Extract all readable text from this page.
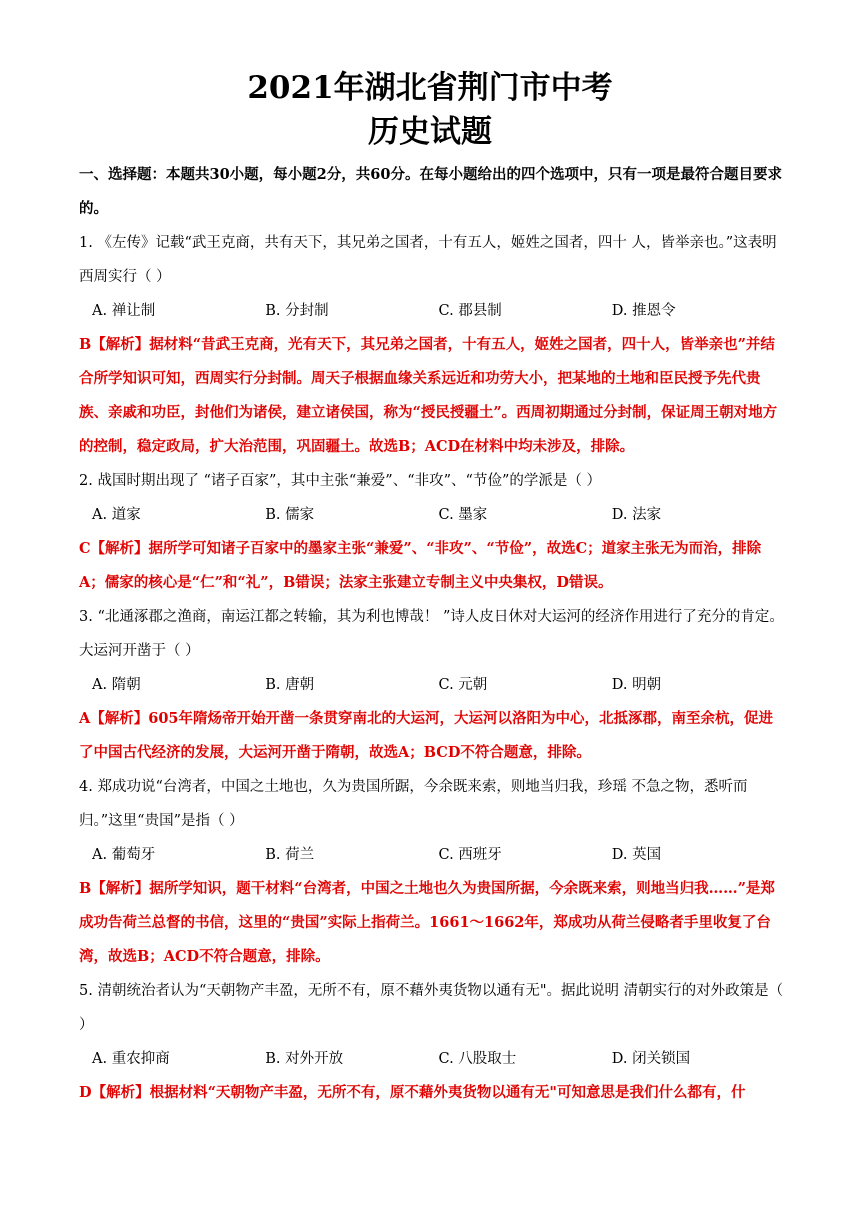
2021年湖北省荆门市中考
历史试题

一、选择题：本题共30小题，每小题2分，共60分。在每小题给出的四个选项中，只有一项是最符合题目要求的。

1. 《左传》记载“武王克商，共有天下，其兄弟之国者，十有五人，姬姓之国者，四十 人，皆举亲也。”这表明西周实行（ ）

A. 禅让制	B. 分封制	C. 郡县制	D. 推恩令

B【解析】据材料“昔武王克商，光有天下，其兄弟之国者，十有五人，姬姓之国者，四十人，皆举亲也”并结合所学知识可知，西周实行分封制。周天子根据血缘关系远近和功劳大小，把某地的土地和臣民授予先代贵族、亲戚和功臣，封他们为诸侯，建立诸侯国，称为“授民授疆土”。西周初期通过分封制，保证周王朝对地方的控制，稳定政局，扩大治范围，巩固疆土。故选B；ACD在材料中均未涉及，排除。

2. 战国时期出现了 “诸子百家”，其中主张“兼爱”、“非攻”、“节俭”的学派是（ ）

A. 道家	B. 儒家	C. 墨家	D. 法家

C【解析】据所学可知诸子百家中的墨家主张“兼爱”、“非攻”、“节俭”，故选C；道家主张无为而治，排除A；儒家的核心是“仁”和“礼”，B错误；法家主张建立专制主义中央集权，D错误。

3. “北通涿郡之渔商，南运江都之转输，其为利也博哉！ ”诗人皮日休对大运河的经济作用进行了充分的肯定。大运河开凿于（ ）

A. 隋朝	B. 唐朝	C. 元朝	D. 明朝

A【解析】605年隋炀帝开始开凿一条贯穿南北的大运河，大运河以洛阳为中心，北抵涿郡，南至余杭，促进了中国古代经济的发展，大运河开凿于隋朝，故选A；BCD不符合题意，排除。

4. 郑成功说“台湾者，中国之土地也，久为贵国所踞，今余既来索，则地当归我，珍瑶 不急之物，悉听而归。”这里“贵国”是指（ ）

A. 葡萄牙	B. 荷兰	C. 西班牙	D. 英国

B【解析】据所学知识，题干材料“台湾者，中国之土地也久为贵国所据，今余既来索，则地当归我……”是郑成功告荷兰总督的书信，这里的“贵国”实际上指荷兰。1661～1662年，郑成功从荷兰侵略者手里收复了台湾，故选B；ACD不符合题意，排除。

5. 清朝统治者认为“天朝物产丰盈，无所不有，原不藉外夷货物以通有无"。据此说明 清朝实行的对外政策是（ ）

A. 重农抑商	B. 对外开放	C. 八股取士	D. 闭关锁国

D【解析】根据材料“天朝物产丰盈，无所不有，原不藉外夷货物以通有无"可知意思是我们什么都有，什
